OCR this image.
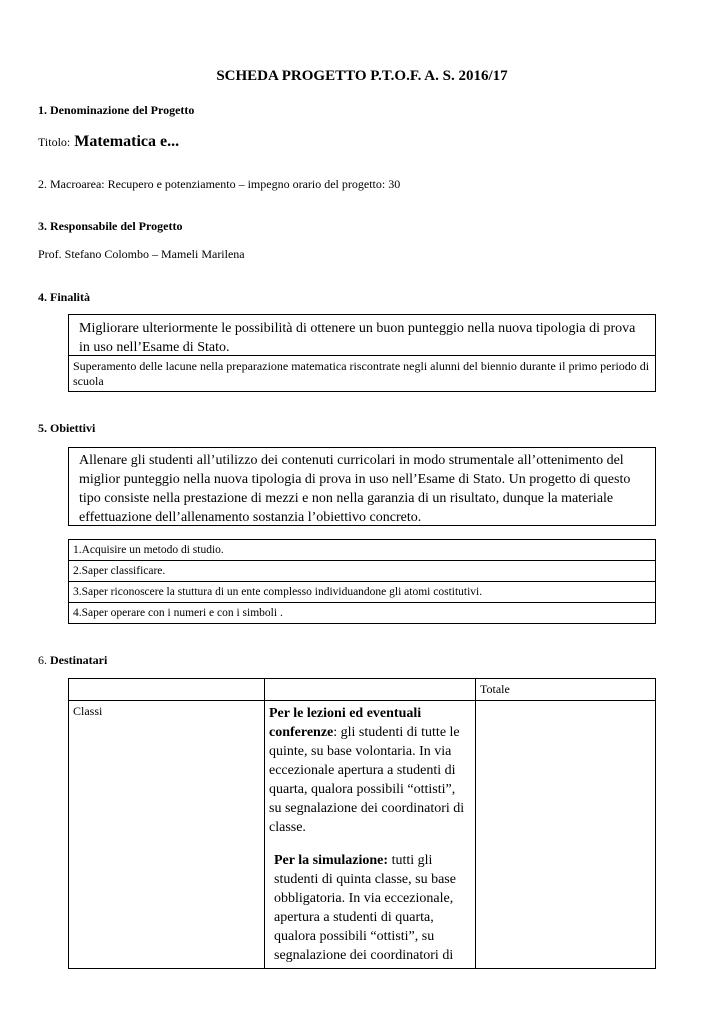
SCHEDA PROGETTO P.T.O.F. A. S. 2016/17
1. Denominazione del Progetto
Titolo: Matematica e...
2. Macroarea: Recupero e potenziamento – impegno orario del progetto: 30
3. Responsabile del Progetto
Prof. Stefano Colombo – Mameli Marilena
4. Finalità
Migliorare ulteriormente le possibilità di ottenere un buon punteggio nella nuova tipologia di prova in uso nell’Esame di Stato.
Superamento delle lacune nella preparazione matematica riscontrate negli alunni del biennio durante il primo periodo di scuola
5. Obiettivi
Allenare gli studenti all’utilizzo dei contenuti curricolari in modo strumentale all’ottenimento del miglior punteggio nella nuova tipologia di prova in uso nell’Esame di Stato. Un progetto di questo tipo consiste nella prestazione di mezzi e non nella garanzia di un risultato, dunque la materiale effettuazione dell’allenamento sostanzia l’obiettivo concreto.
1.Acquisire un metodo di studio.
2.Saper classificare.
3.Saper riconoscere la stuttura di un ente complesso individuandone gli atomi costitutivi.
4.Saper operare con i numeri e con i simboli .
6. Destinatari
		Totale
Classi	Per le lezioni ed eventuali conferenze: gli studenti di tutte le quinte, su base volontaria. In via eccezionale apertura a studenti di quarta, qualora possibili “ottisti”, su segnalazione dei coordinatori di classe.

Per la simulazione: tutti gli studenti di quinta classe, su base obbligatoria. In via eccezionale, apertura a studenti di quarta, qualora possibili “ottisti”, su segnalazione dei coordinatori di	
